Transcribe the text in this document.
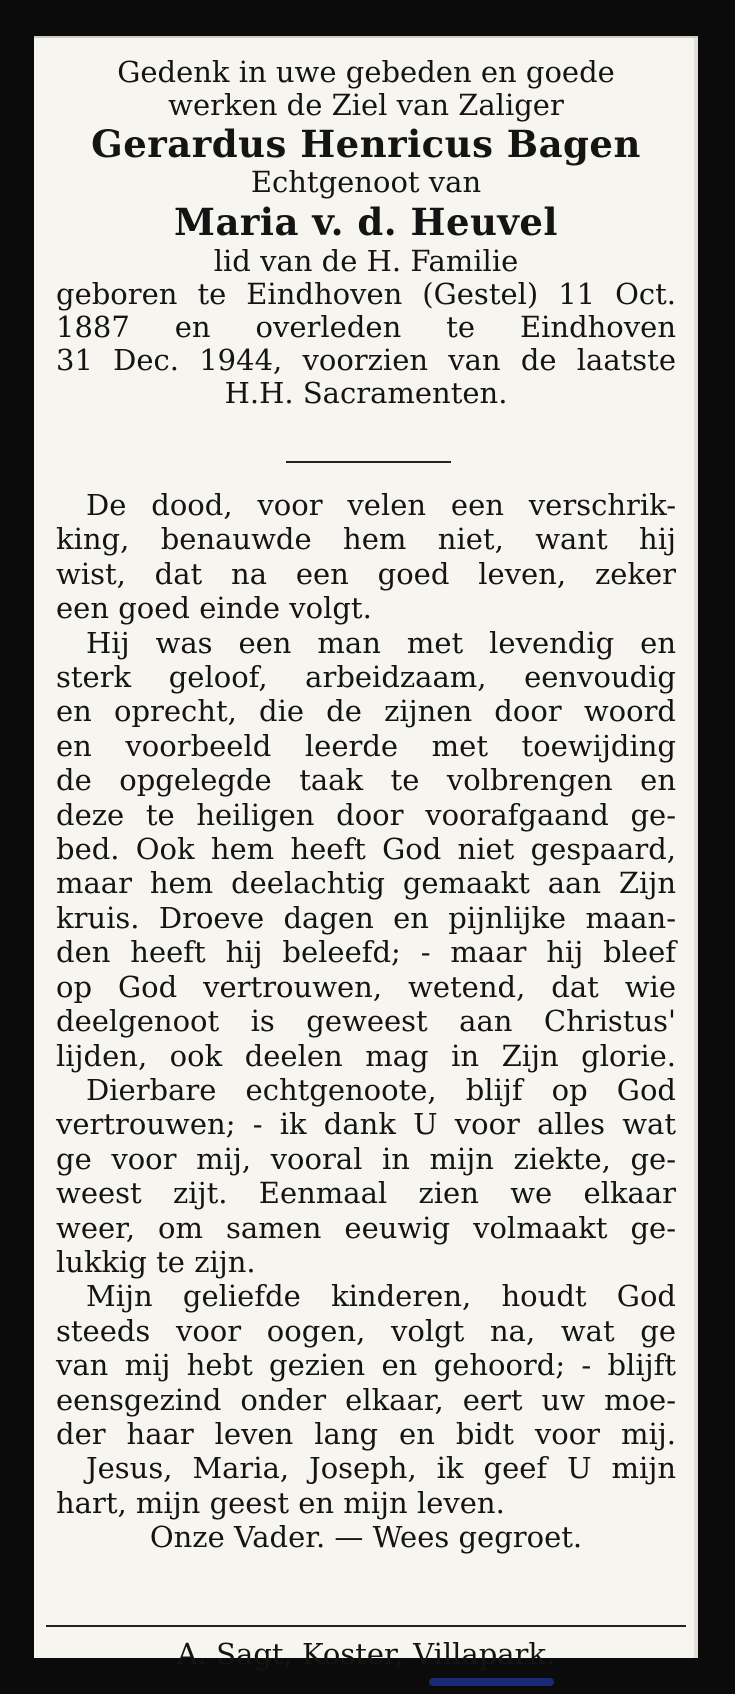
Gedenk in uwe gebeden en goede
werken de Ziel van Zaliger
Gerardus Henricus Bagen
Echtgenoot van
Maria v. d. Heuvel
lid van de H. Familie
geboren te Eindhoven (Gestel) 11 Oct.
1887 en overleden te Eindhoven
31 Dec. 1944, voorzien van de laatste
H.H. Sacramenten.
De dood, voor velen een verschrik-
king, benauwde hem niet, want hij
wist, dat na een goed leven, zeker
een goed einde volgt.
Hij was een man met levendig en
sterk geloof, arbeidzaam, eenvoudig
en oprecht, die de zijnen door woord
en voorbeeld leerde met toewijding
de opgelegde taak te volbrengen en
deze te heiligen door voorafgaand ge-
bed. Ook hem heeft God niet gespaard,
maar hem deelachtig gemaakt aan Zijn
kruis. Droeve dagen en pijnlijke maan-
den heeft hij beleefd; - maar hij bleef
op God vertrouwen, wetend, dat wie
deelgenoot is geweest aan Christus'
lijden, ook deelen mag in Zijn glorie.
Dierbare echtgenoote, blijf op God
vertrouwen; - ik dank U voor alles wat
ge voor mij, vooral in mijn ziekte, ge-
weest zijt. Eenmaal zien we elkaar
weer, om samen eeuwig volmaakt ge-
lukkig te zijn.
Mijn geliefde kinderen, houdt God
steeds voor oogen, volgt na, wat ge
van mij hebt gezien en gehoord; - blijft
eensgezind onder elkaar, eert uw moe-
der haar leven lang en bidt voor mij.
Jesus, Maria, Joseph, ik geef U mijn
hart, mijn geest en mijn leven.
Onze Vader. — Wees gegroet.
A. Sagt, Koster, Villapark.
